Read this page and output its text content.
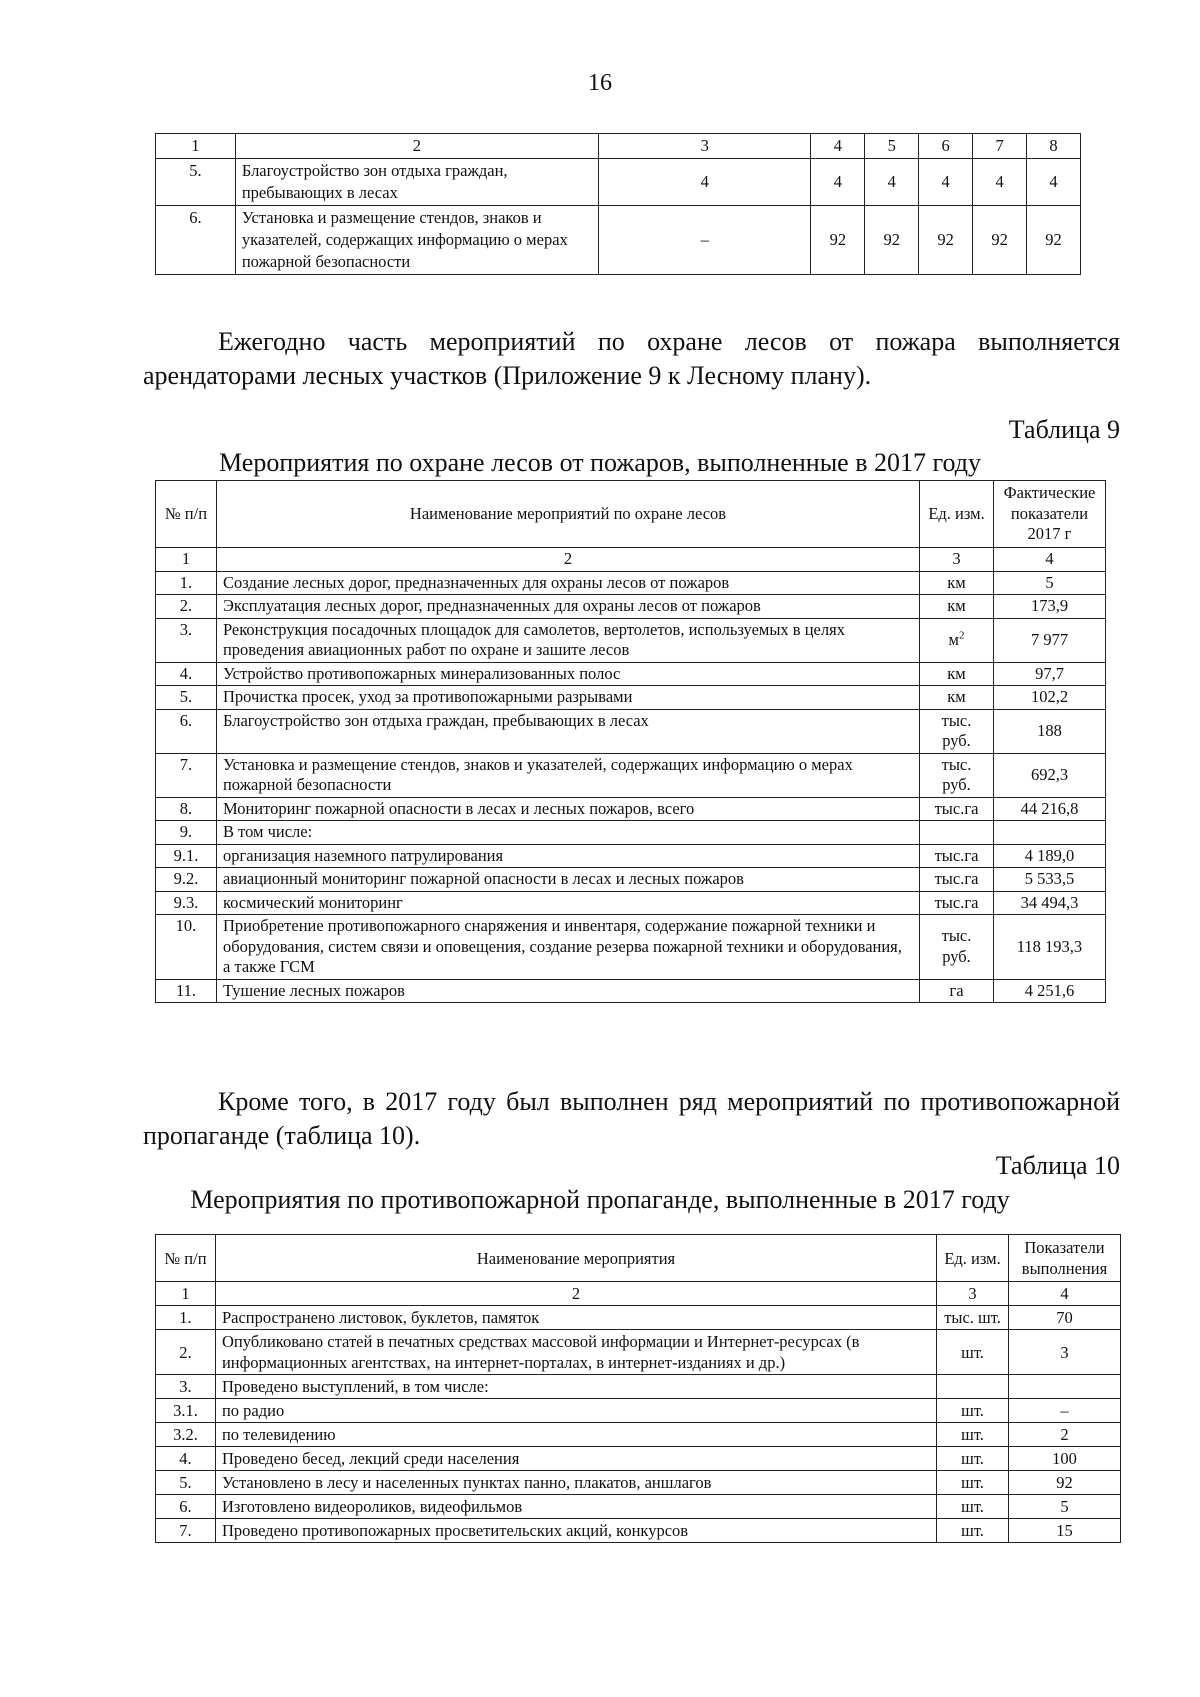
16
1	2	3	4	5	6	7	8
5.	Благоустройство зон отдыха граждан, пребывающих в лесах	4	4	4	4	4	4
6.	Установка и размещение стендов, знаков и указателей, содержащих информацию о мерах пожарной безопасности	–	92	92	92	92	92
Ежегодно часть мероприятий по охране лесов от пожара выполняется арендаторами лесных участков (Приложение 9 к Лесному плану).
Таблица 9
Мероприятия по охране лесов от пожаров, выполненные в 2017 году
№ п/п	Наименование мероприятий по охране лесов	Ед. изм.	Фактические показатели 2017 г
1	2	3	4
1.	Создание лесных дорог, предназначенных для охраны лесов от пожаров	км	5
2.	Эксплуатация лесных дорог, предназначенных для охраны лесов от пожаров	км	173,9
3.	Реконструкция посадочных площадок для самолетов, вертолетов, используемых в целях проведения авиационных работ по охране и зашите лесов	$м^2$	7 977
4.	Устройство противопожарных минерализованных полос	км	97,7
5.	Прочистка просек, уход за противопожарными разрывами	км	102,2
6.	Благоустройство зон отдыха граждан, пребывающих в лесах	тыс. руб.	188
7.	Установка и размещение стендов, знаков и указателей, содержащих информацию о мерах пожарной безопасности	тыс. руб.	692,3
8.	Мониторинг пожарной опасности в лесах и лесных пожаров, всего	тыс.га	44 216,8
9.	В том числе:		
9.1.	организация наземного патрулирования	тыс.га	4 189,0
9.2.	авиационный мониторинг пожарной опасности в лесах и лесных пожаров	тыс.га	5 533,5
9.3.	космический мониторинг	тыс.га	34 494,3
10.	Приобретение противопожарного снаряжения и инвентаря, содержание пожарной техники и оборудования, систем связи и оповещения, создание резерва пожарной техники и оборудования, а также ГСМ	тыс. руб.	118 193,3
11.	Тушение лесных пожаров	га	4 251,6
Кроме того, в 2017 году был выполнен ряд мероприятий по противопожарной пропаганде (таблица 10).
Таблица 10
Мероприятия по противопожарной пропаганде, выполненные в 2017 году
№ п/п	Наименование мероприятия	Ед. изм.	Показатели выполнения
1	2	3	4
1.	Распространено листовок, буклетов, памяток	тыс. шт.	70
2.	Опубликовано статей в печатных средствах массовой информации и Интернет-ресурсах (в информационных агентствах, на интернет-порталах, в интернет-изданиях и др.)	шт.	3
3.	Проведено выступлений, в том числе:		
3.1.	по радио	шт.	–
3.2.	по телевидению	шт.	2
4.	Проведено бесед, лекций среди населения	шт.	100
5.	Установлено в лесу и населенных пунктах панно, плакатов, аншлагов	шт.	92
6.	Изготовлено видеороликов, видеофильмов	шт.	5
7.	Проведено противопожарных просветительских акций, конкурсов	шт.	15
